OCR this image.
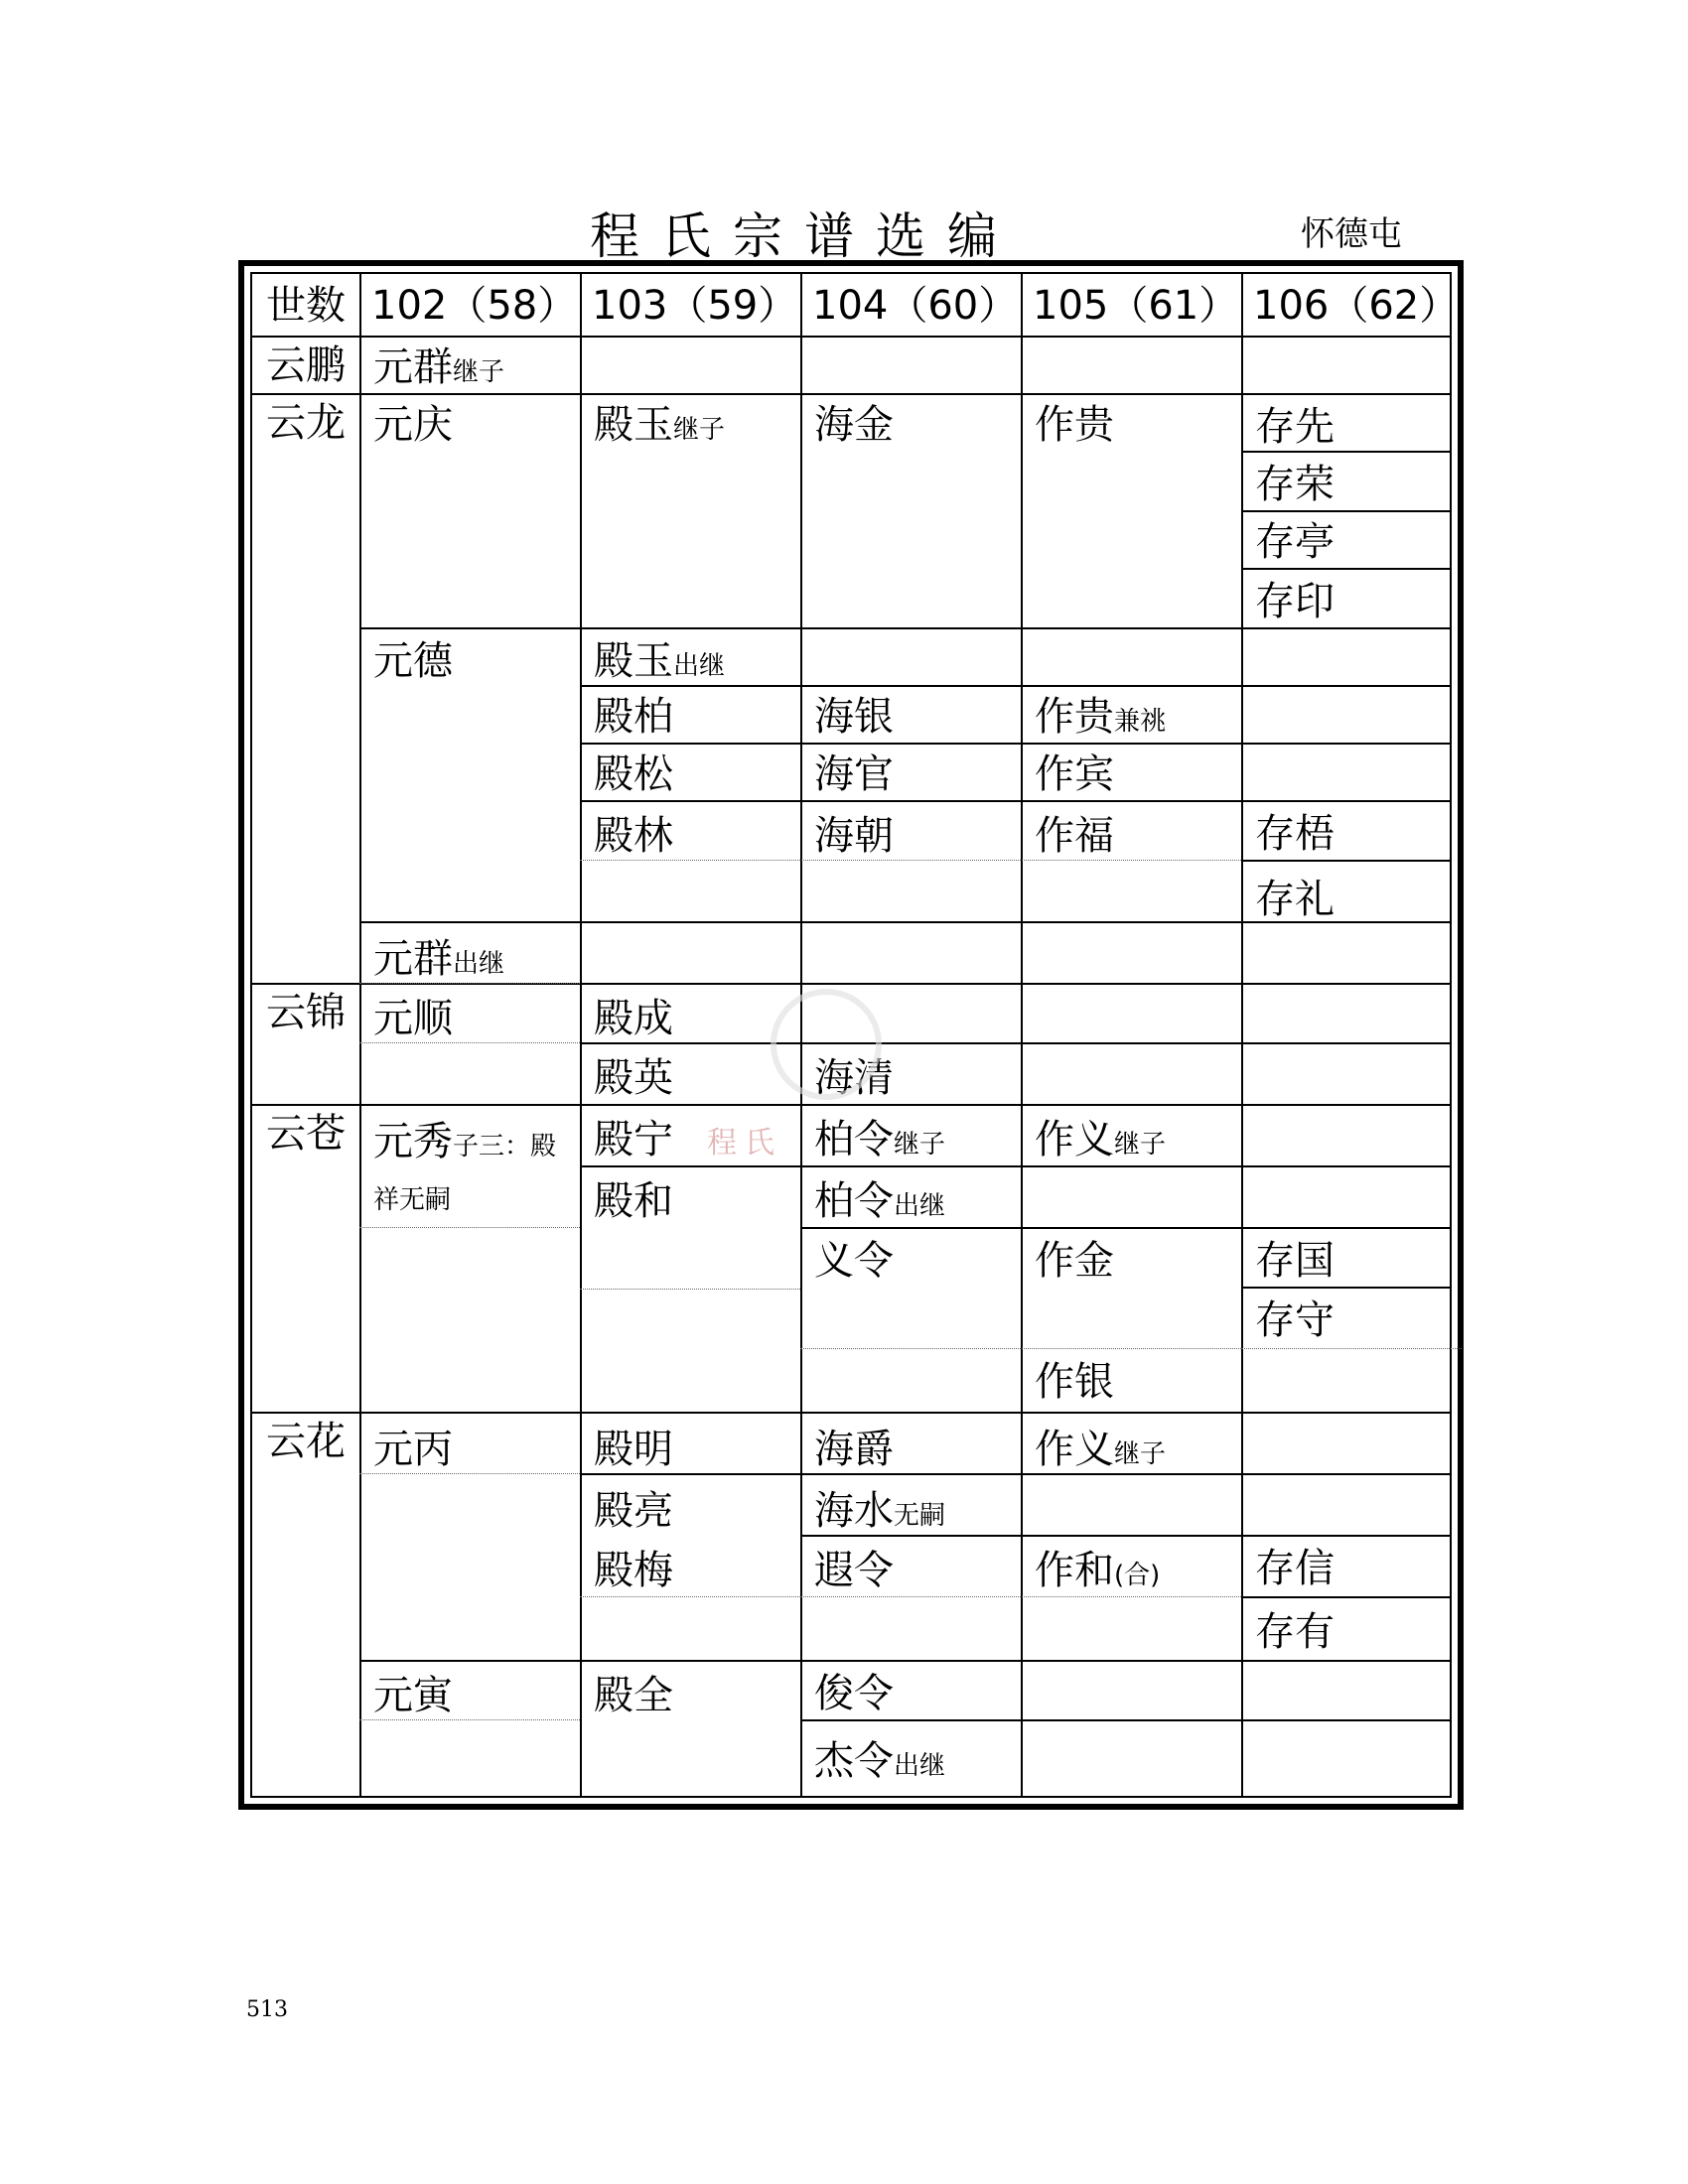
程氏宗谱选编	怀德屯
世数 102（58） 103（59） 104（60） 105（61） 106（62）
云鹏
云龙
云锦
云苍
云花
元群继子
元庆
元德
元群出继
元顺
元秀子三：殿
祥无嗣
元丙
元寅
殿玉继子
殿玉出继
殿柏
殿松
殿林
殿成
殿英
殿宁
殿和
殿明
殿亮
殿梅
殿全
海金
海银
海官
海朝
海清
柏令继子
柏令出继
义令
海爵
海水无嗣
遐令
俊令
杰令出继
作贵
作贵兼祧
作宾
作福
作义继子
作金
作银
作义继子
作和(合)
存先
存荣
存亭
存印
存梧
存礼
存国
存守
存信
存有
程氏
513
